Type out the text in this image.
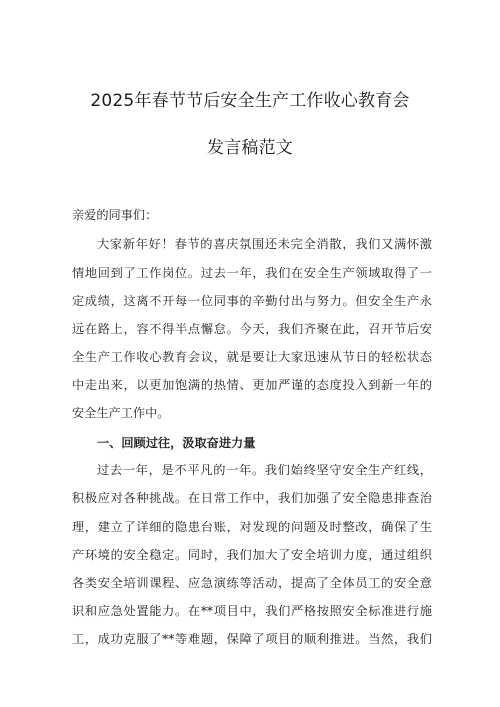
2025年春节节后安全生产工作收心教育会
发言稿范文
亲爱的同事们：
大家新年好！春节的喜庆氛围还未完全消散，我们又满怀激
情地回到了工作岗位。过去一年，我们在安全生产领域取得了一
定成绩，这离不开每一位同事的辛勤付出与努力。但安全生产永
远在路上，容不得半点懈怠。今天，我们齐聚在此，召开节后安
全生产工作收心教育会议，就是要让大家迅速从节日的轻松状态
中走出来，以更加饱满的热情、更加严谨的态度投入到新一年的
安全生产工作中。
一、回顾过往，汲取奋进力量
过去一年，是不平凡的一年。我们始终坚守安全生产红线，
积极应对各种挑战。在日常工作中，我们加强了安全隐患排查治
理，建立了详细的隐患台账，对发现的问题及时整改，确保了生
产环境的安全稳定。同时，我们加大了安全培训力度，通过组织
各类安全培训课程、应急演练等活动，提高了全体员工的安全意
识和应急处置能力。在**项目中，我们严格按照安全标准进行施
工，成功克服了**等难题，保障了项目的顺利推进。当然，我们
